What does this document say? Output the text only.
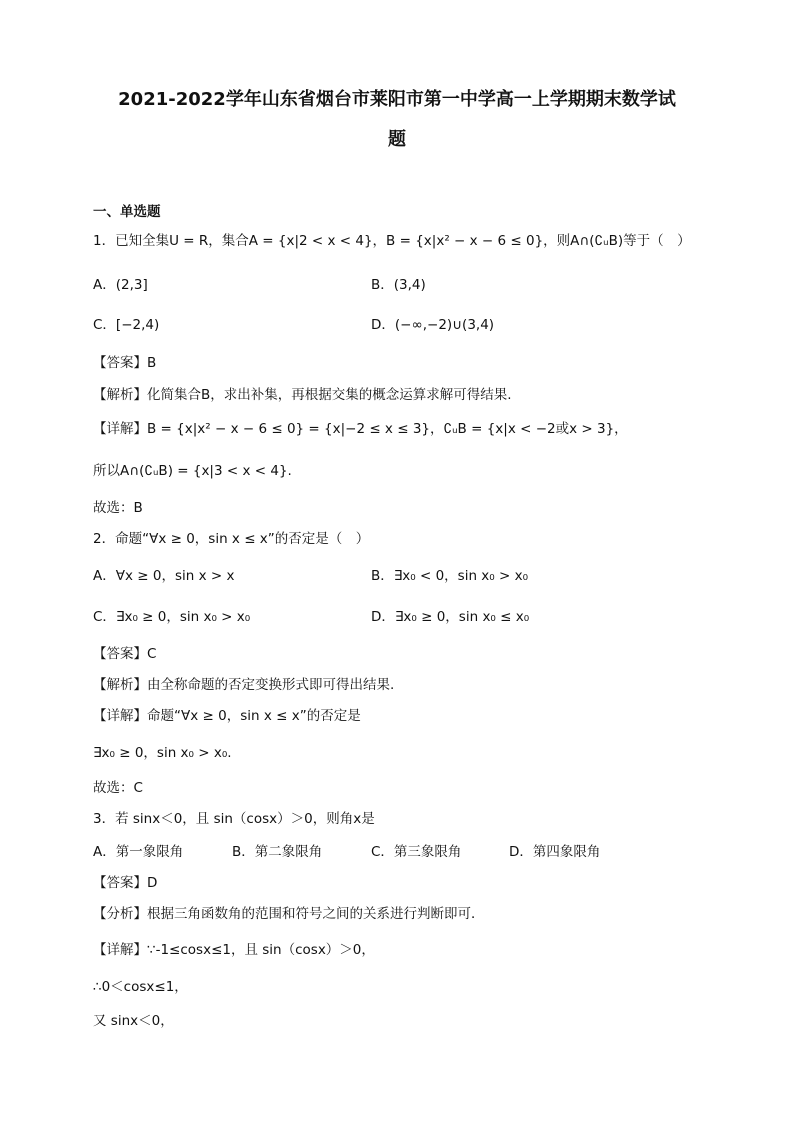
2021-2022学年山东省烟台市莱阳市第一中学高一上学期期末数学试
题
一、单选题
1．已知全集U = R，集合A = {x|2 < x < 4}，B = {x|x² − x − 6 ≤ 0}，则A∩(∁ᵤB)等于（　）
A．(2,3]	B．(3,4)
C．[−2,4)	D．(−∞,−2)∪(3,4)
【答案】B
【解析】化简集合B，求出补集，再根据交集的概念运算求解可得结果.
【详解】B = {x|x² − x − 6 ≤ 0} = {x|−2 ≤ x ≤ 3}，∁ᵤB = {x|x < −2或x > 3}，
所以A∩(∁ᵤB) = {x|3 < x < 4}.
故选：B
2．命题“∀x ≥ 0，sin x ≤ x”的否定是（　）
A．∀x ≥ 0，sin x > x	B．∃x₀ < 0，sin x₀ > x₀
C．∃x₀ ≥ 0，sin x₀ > x₀	D．∃x₀ ≥ 0，sin x₀ ≤ x₀
【答案】C
【解析】由全称命题的否定变换形式即可得出结果.
【详解】命题“∀x ≥ 0，sin x ≤ x”的否定是
∃x₀ ≥ 0，sin x₀ > x₀.
故选：C
3．若 sinx＜0，且 sin（cosx）＞0，则角x是
A．第一象限角	B．第二象限角	C．第三象限角	D．第四象限角
【答案】D
【分析】根据三角函数角的范围和符号之间的关系进行判断即可．
【详解】∵-1≤cosx≤1，且 sin（cosx）＞0，
∴0＜cosx≤1，
又 sinx＜0，
